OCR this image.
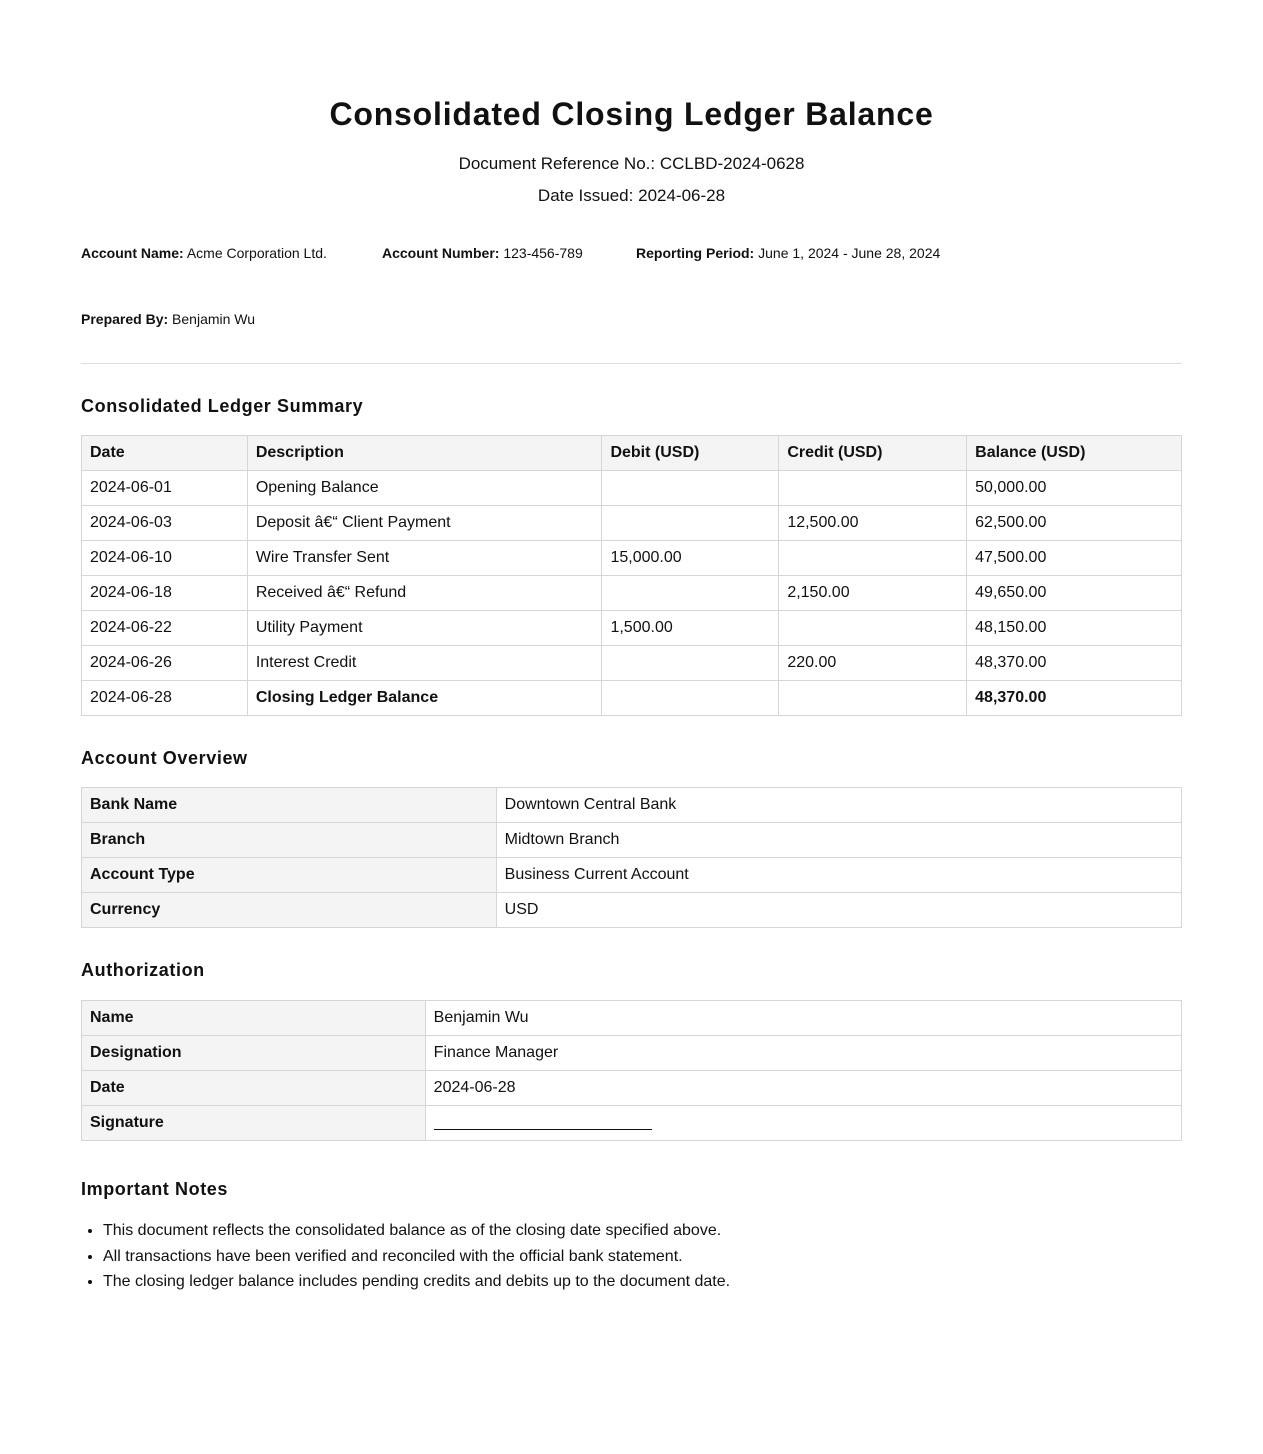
Consolidated Closing Ledger Balance
Document Reference No.: CCLBD-2024-0628
Date Issued: 2024-06-28
Account Name: Acme Corporation Ltd.	Account Number: 123-456-789	Reporting Period: June 1, 2024 - June 28, 2024
Prepared By: Benjamin Wu
Consolidated Ledger Summary
Date	Description	Debit (USD)	Credit (USD)	Balance (USD)
2024-06-01	Opening Balance			50,000.00
2024-06-03	Deposit â€“ Client Payment		12,500.00	62,500.00
2024-06-10	Wire Transfer Sent	15,000.00		47,500.00
2024-06-18	Received â€“ Refund		2,150.00	49,650.00
2024-06-22	Utility Payment	1,500.00		48,150.00
2024-06-26	Interest Credit		220.00	48,370.00
2024-06-28	Closing Ledger Balance			48,370.00
Account Overview
Bank Name	Downtown Central Bank
Branch	Midtown Branch
Account Type	Business Current Account
Currency	USD
Authorization
Name	Benjamin Wu
Designation	Finance Manager
Date	2024-06-28
Signature	
Important Notes
• This document reflects the consolidated balance as of the closing date specified above.
• All transactions have been verified and reconciled with the official bank statement.
• The closing ledger balance includes pending credits and debits up to the document date.
